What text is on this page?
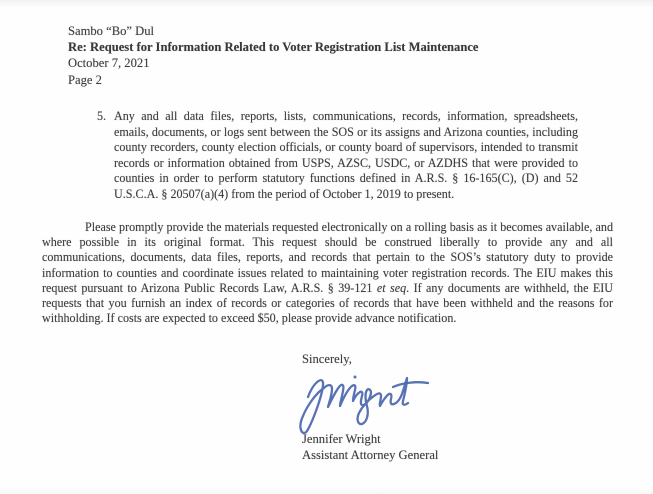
Sambo “Bo” Dul
Re: Request for Information Related to Voter Registration List Maintenance
October 7, 2021
Page 2
5. Any and all data files, reports, lists, communications, records, information, spreadsheets, emails, documents, or logs sent between the SOS or its assigns and Arizona counties, including county recorders, county election officials, or county board of supervisors, intended to transmit records or information obtained from USPS, AZSC, USDC, or AZDHS that were provided to counties in order to perform statutory functions defined in A.R.S. § 16-165(C), (D) and 52 U.S.C.A. § 20507(a)(4) from the period of October 1, 2019 to present.
Please promptly provide the materials requested electronically on a rolling basis as it becomes available, and where possible in its original format. This request should be construed liberally to provide any and all communications, documents, data files, reports, and records that pertain to the SOS’s statutory duty to provide information to counties and coordinate issues related to maintaining voter registration records. The EIU makes this request pursuant to Arizona Public Records Law, A.R.S. § 39-121 et seq. If any documents are withheld, the EIU requests that you furnish an index of records or categories of records that have been withheld and the reasons for withholding. If costs are expected to exceed $50, please provide advance notification.
Sincerely,
Jennifer Wright
Assistant Attorney General
